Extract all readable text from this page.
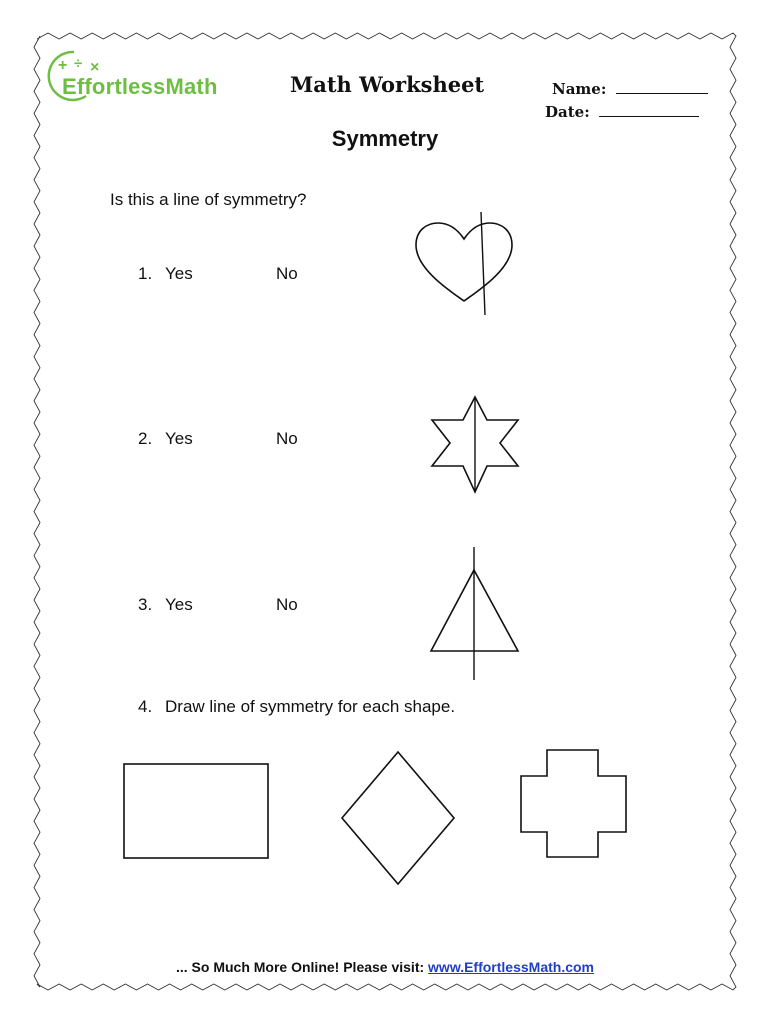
+ ÷ ×
EffortlessMath	Math Worksheet	Name:
Date:
Symmetry
Is this a line of symmetry?
1. Yes	No
2. Yes	No
3. Yes	No
4. Draw line of symmetry for each shape.
... So Much More Online! Please visit: www.EffortlessMath.com
